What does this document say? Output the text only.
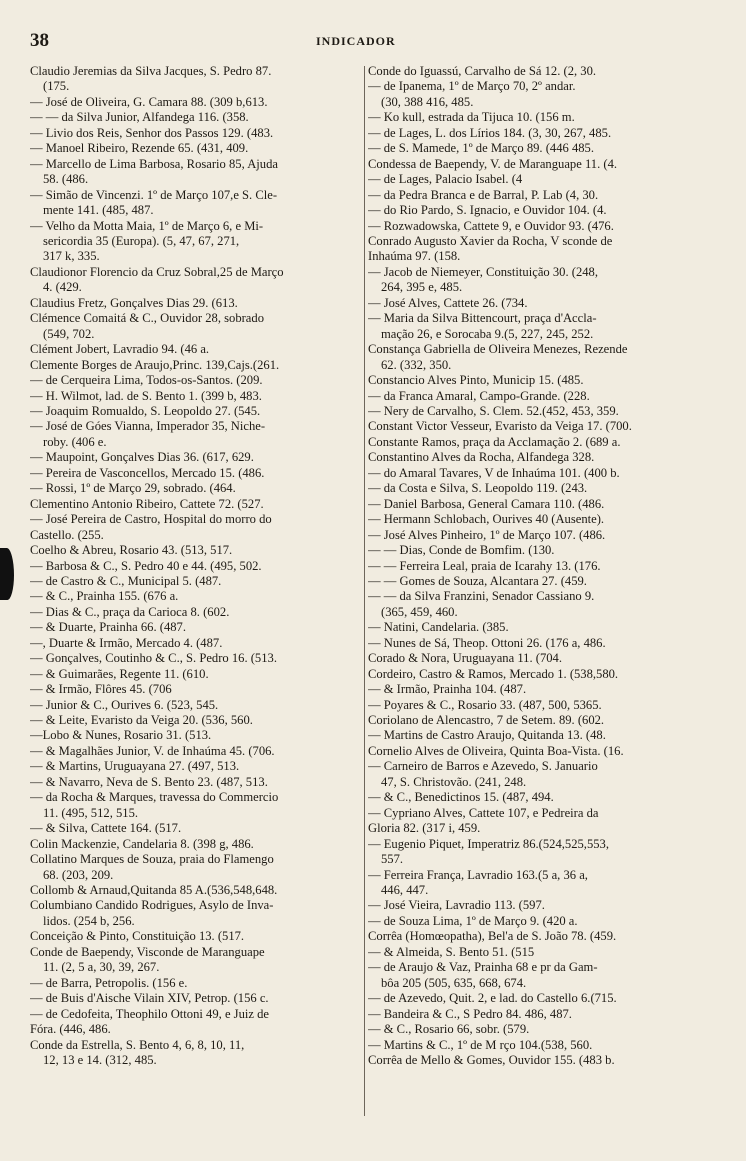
38	INDICADOR
Claudio Jeremias da Silva Jacques, S. Pedro 87.
(175.
— José de Oliveira, G. Camara 88. (309 b,613.
— — da Silva Junior, Alfandega 116. (358.
— Livio dos Reis, Senhor dos Passos 129. (483.
— Manoel Ribeiro, Rezende 65. (431, 409.
— Marcello de Lima Barbosa, Rosario 85, Ajuda
58. (486.
— Simão de Vincenzi. 1º de Março 107,e S. Cle-
mente 141. (485, 487.
— Velho da Motta Maia, 1º de Março 6, e Mi-
sericordia 35 (Europa). (5, 47, 67, 271,
317 k, 335.
Claudionor Florencio da Cruz Sobral,25 de Março
4. (429.
Claudius Fretz, Gonçalves Dias 29. (613.
Clémence Comaitá & C., Ouvidor 28, sobrado
(549, 702.
Clément Jobert, Lavradio 94. (46 a.
Clemente Borges de Araujo,Princ. 139,Cajs.(261.
— de Cerqueira Lima, Todos-os-Santos. (209.
— H. Wilmot, lad. de S. Bento 1. (399 b, 483.
— Joaquim Romualdo, S. Leopoldo 27. (545.
— José de Góes Vianna, Imperador 35, Niche-
roby. (406 e.
— Maupoint, Gonçalves Dias 36. (617, 629.
— Pereira de Vasconcellos, Mercado 15. (486.
— Rossi, 1º de Março 29, sobrado. (464.
Clementino Antonio Ribeiro, Cattete 72. (527.
— José Pereira de Castro, Hospital do morro do
Castello. (255.
Coelho & Abreu, Rosario 43. (513, 517.
— Barbosa & C., S. Pedro 40 e 44. (495, 502.
— de Castro & C., Municipal 5. (487.
— & C., Prainha 155. (676 a.
— Dias & C., praça da Carioca 8. (602.
— & Duarte, Prainha 66. (487.
—, Duarte & Irmão, Mercado 4. (487.
— Gonçalves, Coutinho & C., S. Pedro 16. (513.
— & Guimarães, Regente 11. (610.
— & Irmão, Flôres 45. (706
— Junior & C., Ourives 6. (523, 545.
— & Leite, Evaristo da Veiga 20. (536, 560.
—Lobo & Nunes, Rosario 31. (513.
— & Magalhães Junior, V. de Inhaúma 45. (706.
— & Martins, Uruguayana 27. (497, 513.
— & Navarro, Neva de S. Bento 23. (487, 513.
— da Rocha & Marques, travessa do Commercio
11. (495, 512, 515.
— & Silva, Cattete 164. (517.
Colin Mackenzie, Candelaria 8. (398 g, 486.
Collatino Marques de Souza, praia do Flamengo
68. (203, 209.
Collomb & Arnaud,Quitanda 85 A.(536,548,648.
Columbiano Candido Rodrigues, Asylo de Inva-
lidos. (254 b, 256.
Conceição & Pinto, Constituição 13. (517.
Conde de Baependy, Visconde de Maranguape
11. (2, 5 a, 30, 39, 267.
— de Barra, Petropolis. (156 e.
— de Buis d'Aische Vilain XIV, Petrop. (156 c.
— de Cedofeita, Theophilo Ottoni 49, e Juiz de
Fóra. (446, 486.
Conde da Estrella, S. Bento 4, 6, 8, 10, 11,
12, 13 e 14. (312, 485.
Conde do Iguassú, Carvalho de Sá 12. (2, 30.
— de Ipanema, 1º de Março 70, 2º andar.
(30, 388 416, 485.
— Ko kull, estrada da Tijuca 10. (156 m.
— de Lages, L. dos Lírios 184. (3, 30, 267, 485.
— de S. Mamede, 1º de Março 89. (446 485.
Condessa de Baependy, V. de Maranguape 11. (4.
— de Lages, Palacio Isabel. (4
— da Pedra Branca e de Barral, P. Lab (4, 30.
— do Rio Pardo, S. Ignacio, e Ouvidor 104. (4.
— Rozwadowska, Cattete 9, e Ouvidor 93. (476.
Conrado Augusto Xavier da Rocha, V sconde de
Inhaúma 97. (158.
— Jacob de Niemeyer, Constituição 30. (248,
264, 395 e, 485.
— José Alves, Cattete 26. (734.
— Maria da Silva Bittencourt, praça d'Accla-
mação 26, e Sorocaba 9.(5, 227, 245, 252.
Constança Gabriella de Oliveira Menezes, Rezende
62. (332, 350.
Constancio Alves Pinto, Municip 15. (485.
— da Franca Amaral, Campo-Grande. (228.
— Nery de Carvalho, S. Clem. 52.(452, 453, 359.
Constant Victor Vesseur, Evaristo da Veiga 17. (700.
Constante Ramos, praça da Acclamação 2. (689 a.
Constantino Alves da Rocha, Alfandega 328.
— do Amaral Tavares, V de Inhaúma 101. (400 b.
— da Costa e Silva, S. Leopoldo 119. (243.
— Daniel Barbosa, General Camara 110. (486.
— Hermann Schlobach, Ourives 40 (Ausente).
— José Alves Pinheiro, 1º de Março 107. (486.
— — Dias, Conde de Bomfim. (130.
— — Ferreira Leal, praia de Icarahy 13. (176.
— — Gomes de Souza, Alcantara 27. (459.
— — da Silva Franzini, Senador Cassiano 9.
(365, 459, 460.
— Natini, Candelaria. (385.
— Nunes de Sá, Theop. Ottoni 26. (176 a, 486.
Corado & Nora, Uruguayana 11. (704.
Cordeiro, Castro & Ramos, Mercado 1. (538,580.
— & Irmão, Prainha 104. (487.
— Poyares & C., Rosario 33. (487, 500, 5365.
Coriolano de Alencastro, 7 de Setem. 89. (602.
— Martins de Castro Araujo, Quitanda 13. (48.
Cornelio Alves de Oliveira, Quinta Boa-Vista. (16.
— Carneiro de Barros e Azevedo, S. Januario
47, S. Christovão. (241, 248.
— & C., Benedictinos 15. (487, 494.
— Cypriano Alves, Cattete 107, e Pedreira da
Gloria 82. (317 i, 459.
— Eugenio Piquet, Imperatriz 86.(524,525,553,
557.
— Ferreira França, Lavradio 163.(5 a, 36 a,
446, 447.
— José Vieira, Lavradio 113. (597.
— de Souza Lima, 1º de Março 9. (420 a.
Corrêa (Homœopatha), Bel'a de S. João 78. (459.
— & Almeida, S. Bento 51. (515
— de Araujo & Vaz, Prainha 68 e pr da Gam-
bôa 205 (505, 635, 668, 674.
— de Azevedo, Quit. 2, e lad. do Castello 6.(715.
— Bandeira & C., S Pedro 84. 486, 487.
— & C., Rosario 66, sobr. (579.
— Martins & C., 1º de M rço 104.(538, 560.
Corrêa de Mello & Gomes, Ouvidor 155. (483 b.
